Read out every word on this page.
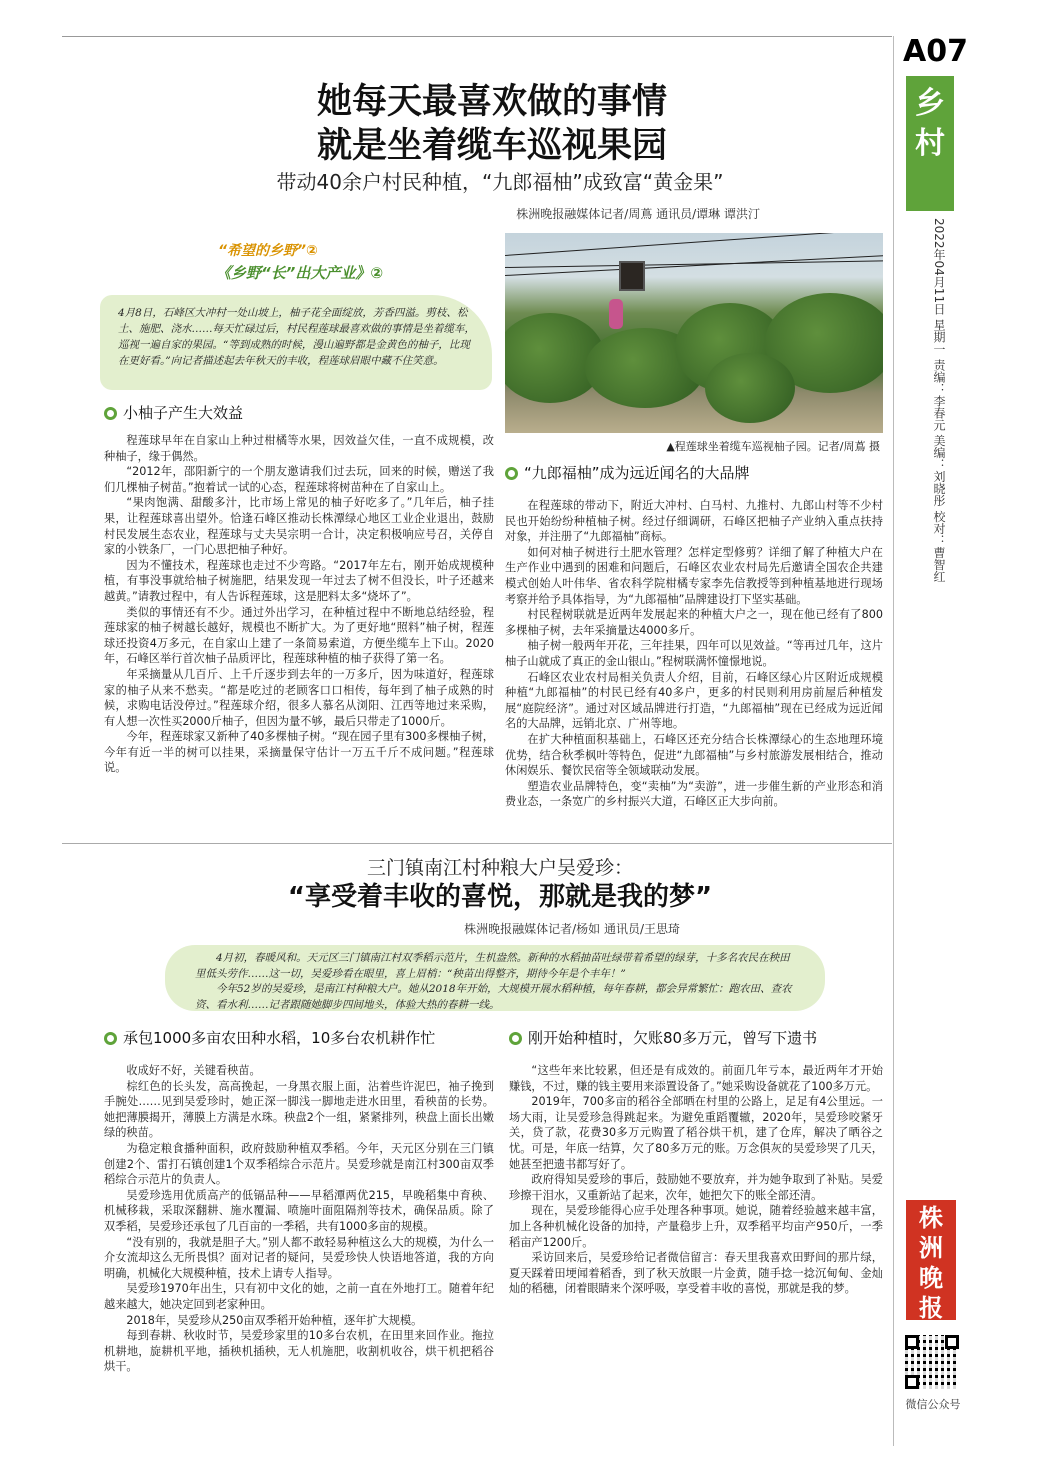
A07
乡
村
2022年04月11日 星期一 责编：李春元 美编：刘晓彤 校对：曹智红
株
洲
晚
报
微信公众号
她每天最喜欢做的事情
就是坐着缆车巡视果园
带动40余户村民种植，“九郎福柚”成致富“黄金果”
株洲晚报融媒体记者/周蔦 通讯员/谭琳 谭洪汀
“希望的乡野”②
《乡野“长”出大产业》②
4月8日，石峰区大冲村一处山坡上，柚子花全面绽放，芳香四溢。剪枝、松土、施肥、浇水……每天忙碌过后，村民程莲球最喜欢做的事情是坐着缆车，巡视一遍自家的果园。“等到成熟的时候，漫山遍野都是金黄色的柚子，比现在更好看。”向记者描述起去年秋天的丰收，程莲球眉眼中藏不住笑意。
▲程莲球坐着缆车巡视柚子园。记者/周蔦 摄
小柚子产生大效益

程莲球早年在自家山上种过柑橘等水果，因效益欠佳，一直不成规模，改种柚子，缘于偶然。

“2012年，邵阳新宁的一个朋友邀请我们过去玩，回来的时候，赠送了我们几棵柚子树苗。”抱着试一试的心态，程莲球将树苗种在了自家山上。

“果肉饱满、甜酸多汁，比市场上常见的柚子好吃多了。”几年后，柚子挂果，让程莲球喜出望外。恰逢石峰区推动长株潭绿心地区工业企业退出，鼓励村民发展生态农业，程莲球与丈夫吴宗明一合计，决定积极响应号召，关停自家的小铁条厂，一门心思把柚子种好。

因为不懂技术，程莲球也走过不少弯路。“2017年左右，刚开始成规模种植，有事没事就给柚子树施肥，结果发现一年过去了树不但没长，叶子还越来越黄。”请教过程中，有人告诉程莲球，这是肥料太多“烧坏了”。

类似的事情还有不少。通过外出学习，在种植过程中不断地总结经验，程莲球家的柚子树越长越好，规模也不断扩大。为了更好地“照料”柚子树，程莲球还投资4万多元，在自家山上建了一条简易索道，方便坐缆车上下山。2020年，石峰区举行首次柚子品质评比，程莲球种植的柚子获得了第一名。

年采摘量从几百斤、上千斤逐步到去年的一万多斤，因为味道好，程莲球家的柚子从来不愁卖。“都是吃过的老顾客口口相传，每年到了柚子成熟的时候，求购电话没停过。”程莲球介绍，很多人慕名从浏阳、江西等地过来采购，有人想一次性买2000斤柚子，但因为量不够，最后只带走了1000斤。

今年，程莲球家又新种了40多棵柚子树。“现在园子里有300多棵柚子树，今年有近一半的树可以挂果，采摘量保守估计一万五千斤不成问题。”程莲球说。

“九郎福柚”成为远近闻名的大品牌

在程莲球的带动下，附近大冲村、白马村、九推村、九郎山村等不少村民也开始纷纷种植柚子树。经过仔细调研，石峰区把柚子产业纳入重点扶持对象，并注册了“九郎福柚”商标。

如何对柚子树进行土肥水管理？怎样定型修剪？详细了解了种植大户在生产作业中遇到的困难和问题后，石峰区农业农村局先后邀请全国农企共建模式创始人叶伟华、省农科学院柑橘专家李先信教授等到种植基地进行现场考察并给予具体指导，为“九郎福柚”品牌建设打下坚实基础。

村民程树联就是近两年发展起来的种植大户之一，现在他已经有了800多棵柚子树，去年采摘量达4000多斤。

柚子树一般两年开花，三年挂果，四年可以见效益。“等再过几年，这片柚子山就成了真正的金山银山。”程树联满怀憧憬地说。

石峰区农业农村局相关负责人介绍，目前，石峰区绿心片区附近成规模种植“九郎福柚”的村民已经有40多户，更多的村民则利用房前屋后种植发展“庭院经济”。通过对区域品牌进行打造，“九郎福柚”现在已经成为远近闻名的大品牌，远销北京、广州等地。

在扩大种植面积基础上，石峰区还充分结合长株潭绿心的生态地理环境优势，结合秋季枫叶等特色，促进“九郎福柚”与乡村旅游发展相结合，推动休闲娱乐、餐饮民宿等全领域联动发展。

塑造农业品牌特色，变“卖柚”为“卖游”，进一步催生新的产业形态和消费业态，一条宽广的乡村振兴大道，石峰区正大步向前。

三门镇南江村种粮大户吴爱珍：
“享受着丰收的喜悦，那就是我的梦”
株洲晚报融媒体记者/杨如 通讯员/王思琦

4月初，春暖风和。天元区三门镇南江村双季稻示范片，生机盎然。新种的水稻抽苗吐绿带着希望的绿芽，十多名农民在秧田里低头劳作……这一切，吴爱珍看在眼里，喜上眉梢：“秧苗出得整齐，期待今年是个丰年！”

今年52岁的吴爱珍，是南江村种粮大户。她从2018年开始，大规模开展水稻种植，每年春耕，都会异常繁忙：跑农田、查农资、看水利……记者跟随她脚步四间地头，体验大热的春耕一线。

承包1000多亩农田种水稻，10多台农机耕作忙

收成好不好，关键看秧苗。

棕红色的长头发，高高挽起，一身黑衣服上面，沾着些许泥巴，袖子挽到手腕处……见到吴爱珍时，她正深一脚浅一脚地走进水田里，看秧苗的长势。她把薄膜揭开，薄膜上方满是水珠。秧盘2个一组，紧紧排列，秧盘上面长出嫩绿的秧苗。

为稳定粮食播种面积，政府鼓励种植双季稻。今年，天元区分别在三门镇创建2个、雷打石镇创建1个双季稻综合示范片。吴爱珍就是南江村300亩双季稻综合示范片的负责人。

吴爱珍选用优质高产的低镉品种——早稻潭两优215，早晚稻集中育秧、机械移栽，采取深翻耕、施水覆漏、喷施叶面阻隔剂等技术，确保品质。除了双季稻，吴爱珍还承包了几百亩的一季稻，共有1000多亩的规模。

“没有别的，我就是胆子大。”别人都不敢轻易种植这么大的规模，为什么一介女流却这么无所畏惧？面对记者的疑问，吴爱珍快人快语地答道，我的方向明确，机械化大规模种植，技术上请专人指导。

吴爱珍1970年出生，只有初中文化的她，之前一直在外地打工。随着年纪越来越大，她决定回到老家种田。

2018年，吴爱珍从250亩双季稻开始种植，逐年扩大规模。

每到春耕、秋收时节，吴爱珍家里的10多台农机，在田里来回作业。拖拉机耕地，旋耕机平地，插秧机插秧，无人机施肥，收割机收谷，烘干机把稻谷烘干。

刚开始种植时，欠账80多万元，曾写下遗书

“这些年来比较累，但还是有成效的。前面几年亏本，最近两年才开始赚钱，不过，赚的钱主要用来添置设备了。”她采购设备就花了100多万元。

2019年，700多亩的稻谷全部晒在村里的公路上，足足有4公里远。一场大雨，让吴爱珍急得跳起来。为避免重蹈覆辙，2020年，吴爱珍咬紧牙关，贷了款，花费30多万元购置了稻谷烘干机，建了仓库，解决了晒谷之忧。可是，年底一结算，欠了80多万元的账。万念俱灰的吴爱珍哭了几天，她甚至把遗书都写好了。

政府得知吴爱珍的事后，鼓励她不要放弃，并为她争取到了补贴。吴爱珍擦干泪水，又重新站了起来，次年，她把欠下的账全部还清。

现在，吴爱珍能得心应手处理各种事项。她说，随着经验越来越丰富，加上各种机械化设备的加持，产量稳步上升，双季稻平均亩产950斤，一季稻亩产1200斤。

采访回来后，吴爱珍给记者微信留言：春天里我喜欢田野间的那片绿，夏天踩着田埂闻着稻香，到了秋天放眼一片金黄，随手捻一捻沉甸甸、金灿灿的稻穗，闭着眼睛来个深呼吸，享受着丰收的喜悦，那就是我的梦。
